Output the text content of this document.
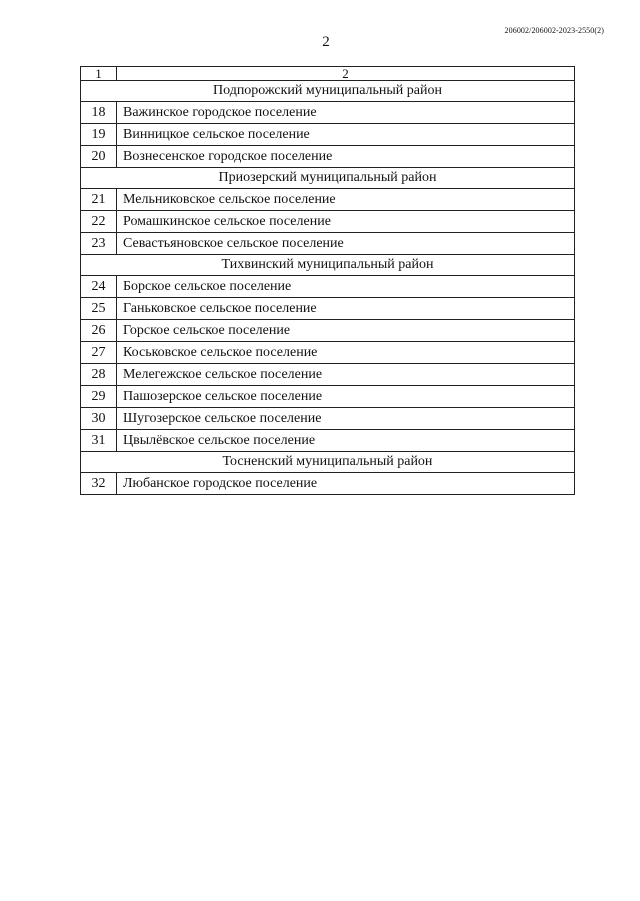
206002/206002-2023-2550(2)
2
1	2
Подпорожский муниципальный район	
18	Важинское городское поселение
19	Винницкое сельское поселение
20	Вознесенское городское поселение
Приозерский муниципальный район	
21	Мельниковское сельское поселение
22	Ромашкинское сельское поселение
23	Севастьяновское сельское поселение
Тихвинский муниципальный район	
24	Борское сельское поселение
25	Ганьковское сельское поселение
26	Горское сельское поселение
27	Коськовское сельское поселение
28	Мелегежское сельское поселение
29	Пашозерское сельское поселение
30	Шугозерское сельское поселение
31	Цвылёвское сельское поселение
Тосненский муниципальный район	
32	Любанское городское поселение
